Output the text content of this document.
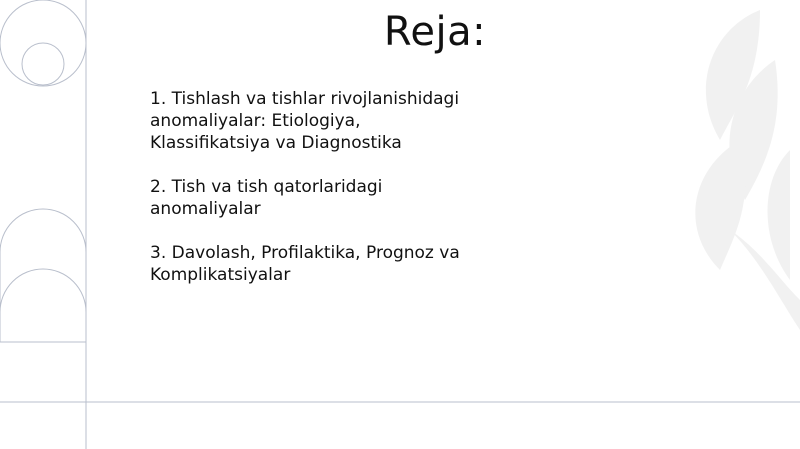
Reja:
1. Tishlash va tishlar rivojlanishidagi anomaliyalar: Etiologiya, Klassifikatsiya va Diagnostika
2. Tish va tish qatorlaridagi anomaliyalar
3. Davolash, Profilaktika, Prognoz va Komplikatsiyalar
